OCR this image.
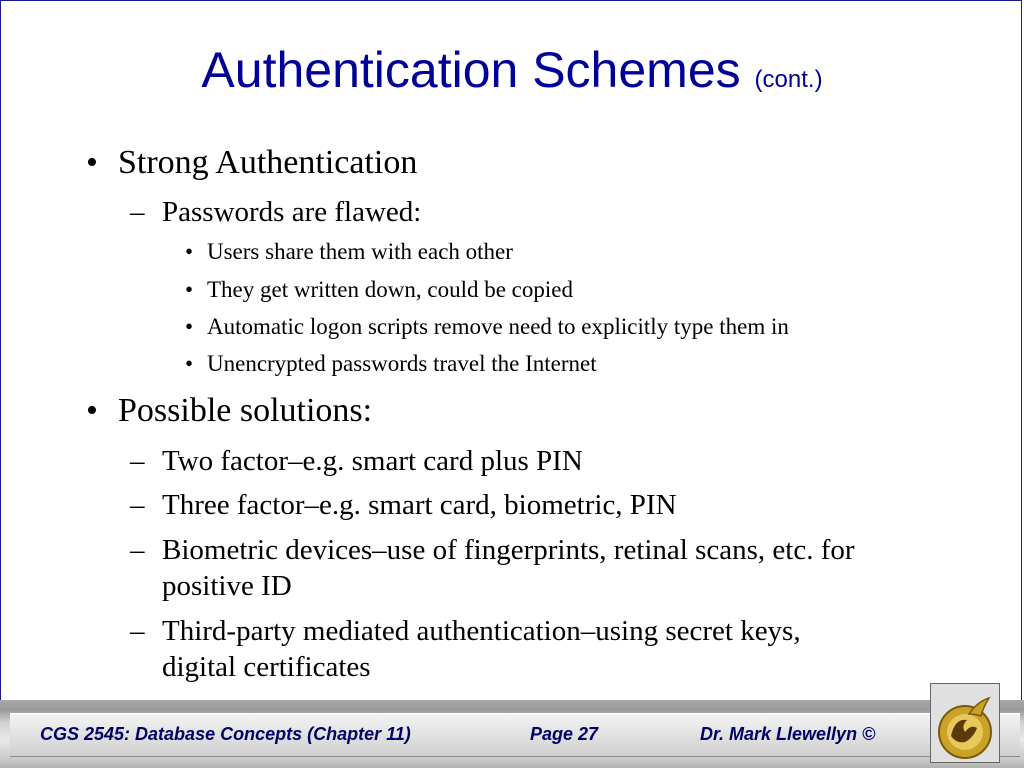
Authentication Schemes (cont.)
• Strong Authentication
– Passwords are flawed:
• Users share them with each other
• They get written down, could be copied
• Automatic logon scripts remove need to explicitly type them in
• Unencrypted passwords travel the Internet
• Possible solutions:
– Two factor–e.g. smart card plus PIN
– Three factor–e.g. smart card, biometric, PIN
– Biometric devices–use of fingerprints, retinal scans, etc. for
positive ID
– Third-party mediated authentication–using secret keys,
digital certificates
CGS 2545: Database Concepts (Chapter 11)	Page 27	Dr. Mark Llewellyn ©
